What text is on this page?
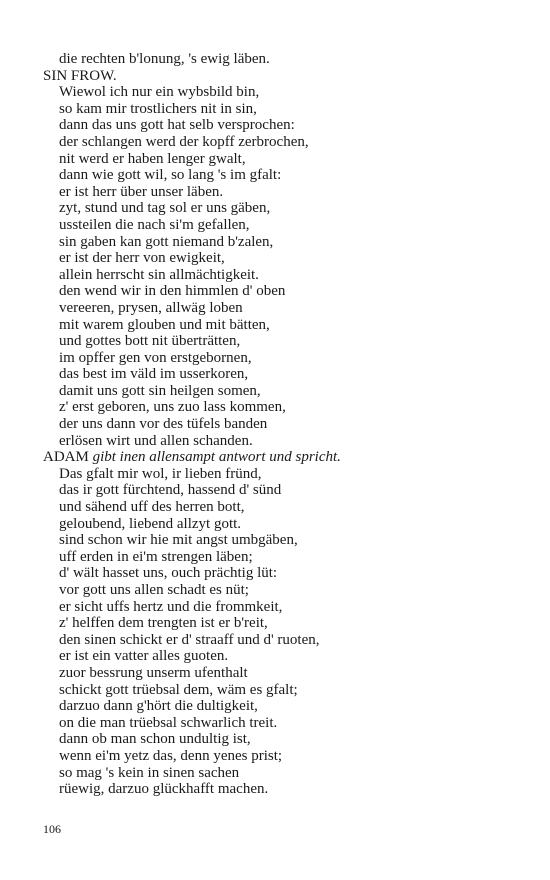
die rechten b'lonung, 's ewig läben.
SIN FROW.
Wiewol ich nur ein wybsbild bin,
so kam mir trostlichers nit in sin,
dann das uns gott hat selb versprochen:
der schlangen werd der kopff zerbrochen,
nit werd er haben lenger gwalt,
dann wie gott wil, so lang 's im gfalt:
er ist herr über unser läben.
zyt, stund und tag sol er uns gäben,
ussteilen die nach si'm gefallen,
sin gaben kan gott niemand b'zalen,
er ist der herr von ewigkeit,
allein herrscht sin allmächtigkeit.
den wend wir in den himmlen d' oben
vereeren, prysen, allwäg loben
mit warem glouben und mit bätten,
und gottes bott nit überträtten,
im opffer gen von erstgebornen,
das best im väld im usserkoren,
damit uns gott sin heilgen somen,
z' erst geboren, uns zuo lass kommen,
der uns dann vor des tüfels banden
erlösen wirt und allen schanden.
ADAM gibt inen allensampt antwort und spricht.
Das gfalt mir wol, ir lieben fründ,
das ir gott fürchtend, hassend d' sünd
und sähend uff des herren bott,
geloubend, liebend allzyt gott.
sind schon wir hie mit angst umbgäben,
uff erden in ei'm strengen läben;
d' wält hasset uns, ouch prächtig lüt:
vor gott uns allen schadt es nüt;
er sicht uffs hertz und die frommkeit,
z' helffen dem trengten ist er b'reit,
den sinen schickt er d' straaff und d' ruoten,
er ist ein vatter alles guoten.
zuor bessrung unserm ufenthalt
schickt gott trüebsal dem, wäm es gfalt;
darzuo dann g'hört die dultigkeit,
on die man trüebsal schwarlich treit.
dann ob man schon undultig ist,
wenn ei'm yetz das, denn yenes prist;
so mag 's kein in sinen sachen
rüewig, darzuo glückhafft machen.
106
